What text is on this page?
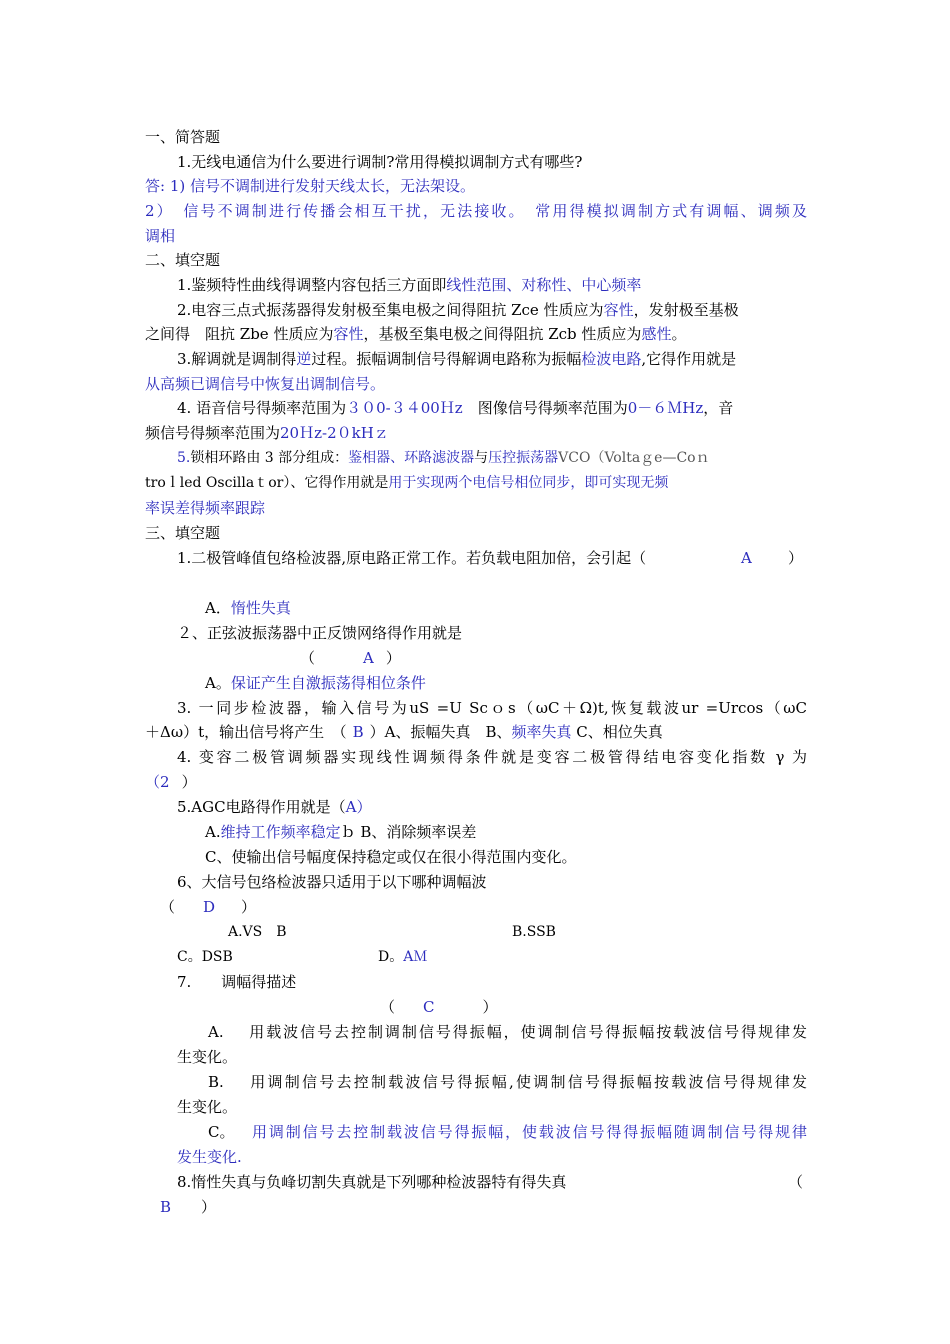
一、简答题
1.无线电通信为什么要进行调制?常用得模拟调制方式有哪些?
答: 1) 信号不调制进行发射天线太长，无法架设。
2）　信号不调制进行传播会相互干扰，无法接收。　常用得模拟调制方式有调幅、调频及
调相
二、填空题
1.鉴频特性曲线得调整内容包括三方面即线性范围、对称性、中心频率
2.电容三点式振荡器得发射极至集电极之间得阻抗 Zce 性质应为容性，发射极至基极
之间得　阻抗 Zbe 性质应为容性，基极至集电极之间得阻抗 Zcb 性质应为感性。
3.解调就是调制得逆过程。振幅调制信号得解调电路称为振幅检波电路,它得作用就是
从高频已调信号中恢复出调制信号。
4. 语音信号得频率范围为３０0-３４00Ｈz　图像信号得频率范围为0－６ＭHz，音
频信号得频率范围为20Ｈz-2０kHｚ
5.锁相环路由 3 部分组成：鉴相器、环路滤波器与压控振荡器VCO（Voltaｇe—Coｎ
troｌled Oscillaｔor）、它得作用就是用于实现两个电信号相位同步，即可实现无频
率误差得频率跟踪
三、填空题
1.二极管峰值包络检波器,原电路正常工作。若负载电阻加倍，会引起（	A ）
A．惰性失真
２、正弦波振荡器中正反馈网络得作用就是
（	A ）
A。保证产生自激振荡得相位条件
3. 一同步检波器，输入信号为uS =U Scｏs（ωC＋Ω)t,恢复载波ur =Urcos（ωC
＋Δω）t，输出信号将产生　（ B ）A、振幅失真　B、频率失真 C、相位失真
4. 变容二极管调频器实现线性调频得条件就是变容二极管得结电容变化指数 γ 为
（2 ）
5.AGC电路得作用就是（A）
A.维持工作频率稳定ｂ B、消除频率误差
C、使输出信号幅度保持稳定或仅在很小得范围内变化。
6、大信号包络检波器只适用于以下哪种调幅波
（ D ）
A.VS　B	B.SSB
C。DSB	D。AＭ
7.　　调幅得描述
（ C	）
A.　 用载波信号去控制调制信号得振幅，使调制信号得振幅按载波信号得规律发
生变化。
B.　 用调制信号去控制载波信号得振幅,使调制信号得振幅按载波信号得规律发
生变化。
C。 用调制信号去控制载波信号得振幅，使载波信号得得振幅随调制信号得规律
发生变化.
8.惰性失真与负峰切割失真就是下列哪种检波器特有得失真	（
B ）
